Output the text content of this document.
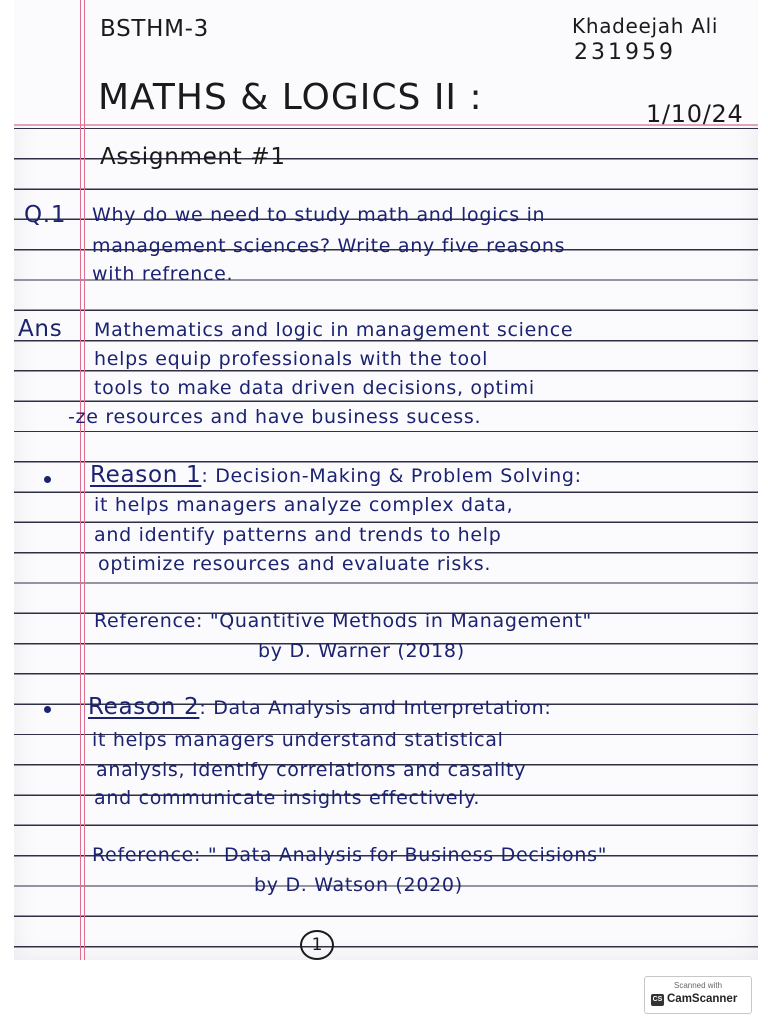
BSTHM-3	Khadeejah Ali

231959

MATHS & LOGICS II :	1/10/24

Assignment #1

Q.1 Why do we need to study math and logics in

management sciences? Write any five reasons

with refrence.

Ans Mathematics and logic in management science

helps equip professionals with the tool

tools to make data driven decisions, optimi

-ze resources and have business sucess.

Reason 1: Decision-Making & Problem Solving:

it helps managers analyze complex data,

and identify patterns and trends to help

optimize resources and evaluate risks.

Reference: "Quantitive Methods in Management"

by D. Warner (2018)

Reason 2: Data Analysis and Interpretation:

it helps managers understand statistical

analysis, Identify correlations and casality

and communicate insights effectively.

Reference: " Data Analysis for Business Decisions"

by D. Watson (2020)

1
Scanned with
CS CamScanner
